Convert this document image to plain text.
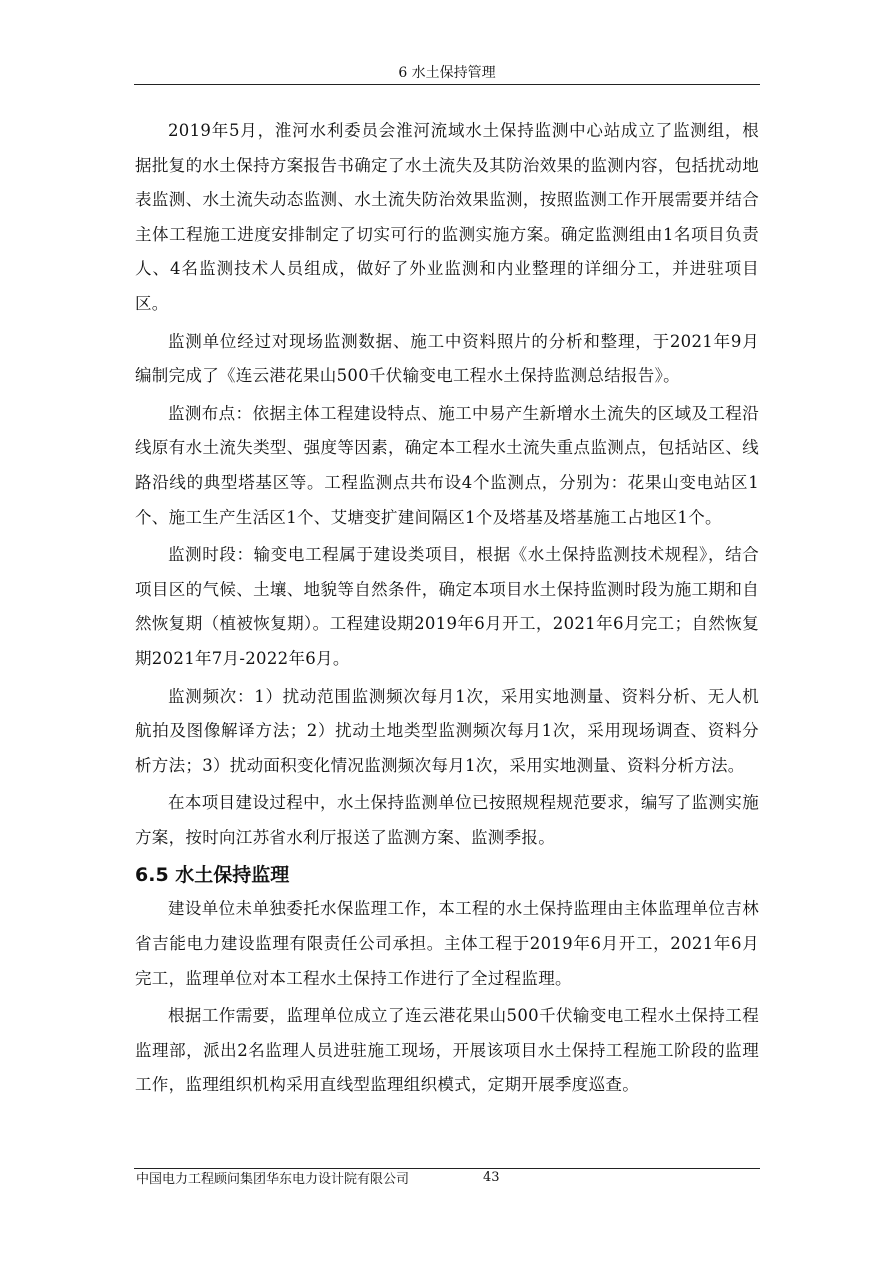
6 水土保持管理

2019年5月，淮河水利委员会淮河流域水土保持监测中心站成立了监测组，根据批复的水土保持方案报告书确定了水土流失及其防治效果的监测内容，包括扰动地表监测、水土流失动态监测、水土流失防治效果监测，按照监测工作开展需要并结合主体工程施工进度安排制定了切实可行的监测实施方案。确定监测组由1名项目负责人、4名监测技术人员组成，做好了外业监测和内业整理的详细分工，并进驻项目区。

监测单位经过对现场监测数据、施工中资料照片的分析和整理，于2021年9月编制完成了《连云港花果山500千伏输变电工程水土保持监测总结报告》。

监测布点：依据主体工程建设特点、施工中易产生新增水土流失的区域及工程沿线原有水土流失类型、强度等因素，确定本工程水土流失重点监测点，包括站区、线路沿线的典型塔基区等。工程监测点共布设4个监测点，分别为：花果山变电站区1个、施工生产生活区1个、艾塘变扩建间隔区1个及塔基及塔基施工占地区1个。

监测时段：输变电工程属于建设类项目，根据《水土保持监测技术规程》，结合项目区的气候、土壤、地貌等自然条件，确定本项目水土保持监测时段为施工期和自然恢复期（植被恢复期）。工程建设期2019年6月开工，2021年6月完工；自然恢复期2021年7月-2022年6月。

监测频次：1）扰动范围监测频次每月1次，采用实地测量、资料分析、无人机航拍及图像解译方法；2）扰动土地类型监测频次每月1次，采用现场调查、资料分析方法；3）扰动面积变化情况监测频次每月1次，采用实地测量、资料分析方法。

在本项目建设过程中，水土保持监测单位已按照规程规范要求，编写了监测实施方案，按时向江苏省水利厅报送了监测方案、监测季报。

6.5 水土保持监理

建设单位未单独委托水保监理工作，本工程的水土保持监理由主体监理单位吉林省吉能电力建设监理有限责任公司承担。主体工程于2019年6月开工，2021年6月完工，监理单位对本工程水土保持工作进行了全过程监理。

根据工作需要，监理单位成立了连云港花果山500千伏输变电工程水土保持工程监理部，派出2名监理人员进驻施工现场，开展该项目水土保持工程施工阶段的监理工作，监理组织机构采用直线型监理组织模式，定期开展季度巡查。

中国电力工程顾问集团华东电力设计院有限公司	43
